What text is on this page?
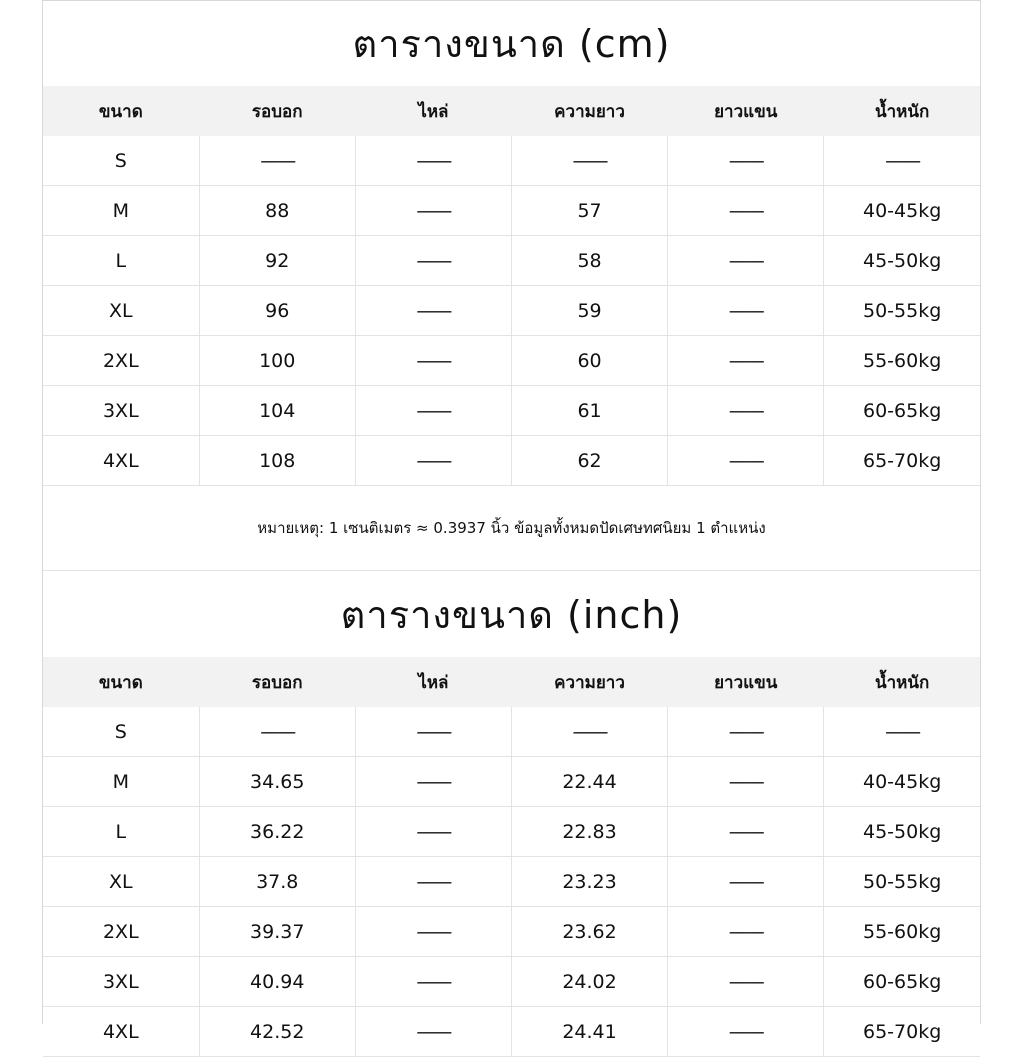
ตารางขนาด (cm)
ขนาด	รอบอก	ไหล่	ความยาว	ยาวแขน	น้ำหนัก
S	——	——	——	——	——
M	88	——	57	——	40-45kg
L	92	——	58	——	45-50kg
XL	96	——	59	——	50-55kg
2XL	100	——	60	——	55-60kg
3XL	104	——	61	——	60-65kg
4XL	108	——	62	——	65-70kg
หมายเหตุ: 1 เซนติเมตร ≈ 0.3937 นิ้ว ข้อมูลทั้งหมดปัดเศษทศนิยม 1 ตำแหน่ง
ตารางขนาด (inch)
ขนาด	รอบอก	ไหล่	ความยาว	ยาวแขน	น้ำหนัก
S	——	——	——	——	——
M	34.65	——	22.44	——	40-45kg
L	36.22	——	22.83	——	45-50kg
XL	37.8	——	23.23	——	50-55kg
2XL	39.37	——	23.62	——	55-60kg
3XL	40.94	——	24.02	——	60-65kg
4XL	42.52	——	24.41	——	65-70kg
